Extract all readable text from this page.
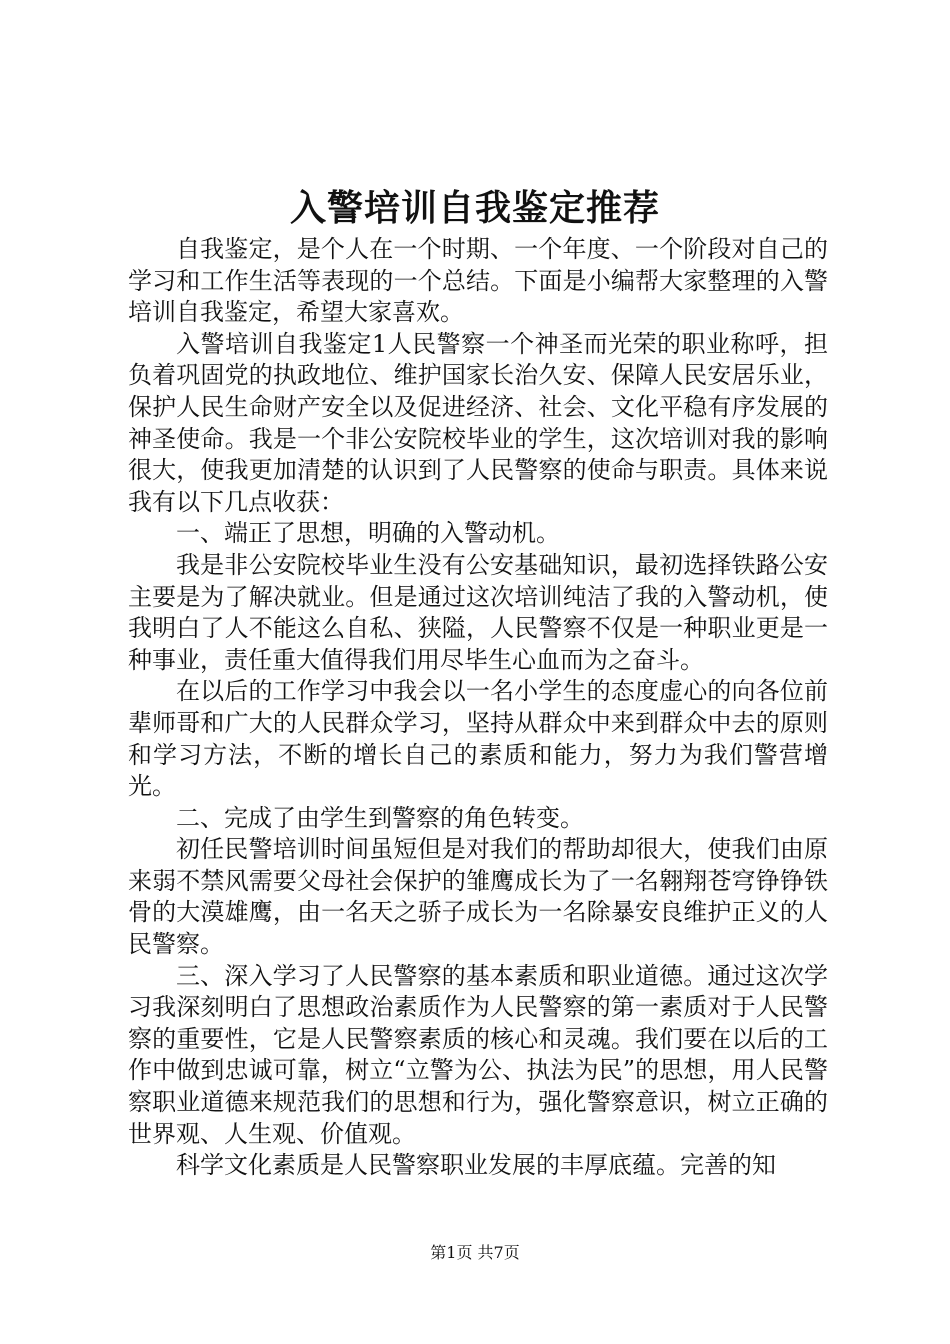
入警培训自我鉴定推荐

自我鉴定，是个人在一个时期、一个年度、一个阶段对自己的学习和工作生活等表现的一个总结。下面是小编帮大家整理的入警培训自我鉴定，希望大家喜欢。

入警培训自我鉴定1人民警察一个神圣而光荣的职业称呼，担负着巩固党的执政地位、维护国家长治久安、保障人民安居乐业，保护人民生命财产安全以及促进经济、社会、文化平稳有序发展的神圣使命。我是一个非公安院校毕业的学生，这次培训对我的影响很大，使我更加清楚的认识到了人民警察的使命与职责。具体来说我有以下几点收获：

一、端正了思想，明确的入警动机。

我是非公安院校毕业生没有公安基础知识，最初选择铁路公安主要是为了解决就业。但是通过这次培训纯洁了我的入警动机，使我明白了人不能这么自私、狭隘，人民警察不仅是一种职业更是一种事业，责任重大值得我们用尽毕生心血而为之奋斗。

在以后的工作学习中我会以一名小学生的态度虚心的向各位前辈师哥和广大的人民群众学习，坚持从群众中来到群众中去的原则和学习方法，不断的增长自己的素质和能力，努力为我们警营增光。

二、完成了由学生到警察的角色转变。

初任民警培训时间虽短但是对我们的帮助却很大，使我们由原来弱不禁风需要父母社会保护的雏鹰成长为了一名翱翔苍穹铮铮铁骨的大漠雄鹰，由一名天之骄子成长为一名除暴安良维护正义的人民警察。

三、深入学习了人民警察的基本素质和职业道德。通过这次学习我深刻明白了思想政治素质作为人民警察的第一素质对于人民警察的重要性，它是人民警察素质的核心和灵魂。我们要在以后的工作中做到忠诚可靠，树立“立警为公、执法为民”的思想，用人民警察职业道德来规范我们的思想和行为，强化警察意识，树立正确的世界观、人生观、价值观。

科学文化素质是人民警察职业发展的丰厚底蕴。完善的知

第1页 共7页
